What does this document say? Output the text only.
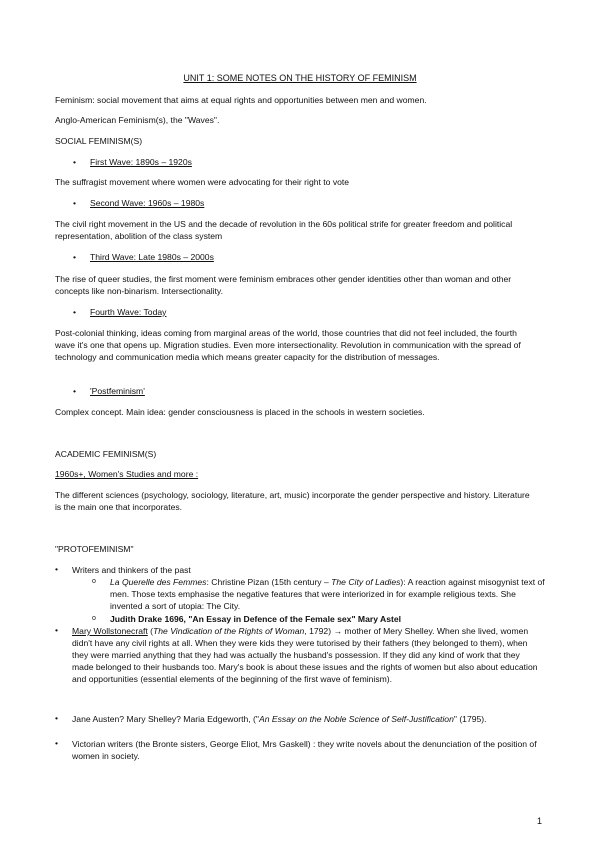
UNIT 1: SOME NOTES ON THE HISTORY OF FEMINISM
Feminism: social movement that aims at equal rights and opportunities between men and women.
Anglo-American Feminism(s), the "Waves".
SOCIAL FEMINISM(S)
• First Wave: 1890s – 1920s
The suffragist movement where women were advocating for their right to vote
• Second Wave: 1960s – 1980s
The civil right movement in the US and the decade of revolution in the 60s political strife for greater freedom and political representation, abolition of the class system
• Third Wave: Late 1980s – 2000s
The rise of queer studies, the first moment were feminism embraces other gender identities other than woman and other concepts like non-binarism. Intersectionality.
• Fourth Wave: Today
Post-colonial thinking, ideas coming from marginal areas of the world, those countries that did not feel included, the fourth wave it's one that opens up. Migration studies. Even more intersectionality. Revolution in communication with the spread of technology and communication media which means greater capacity for the distribution of messages.
• 'Postfeminism'
Complex concept. Main idea: gender consciousness is placed in the schools in western societies.
ACADEMIC FEMINISM(S)
1960s+, Women's Studies and more :
The different sciences (psychology, sociology, literature, art, music) incorporate the gender perspective and history. Literature is the main one that incorporates.
"PROTOFEMINISM"
• Writers and thinkers of the past
o La Querelle des Femmes: Christine Pizan (15th century – The City of Ladies): A reaction against misogynist text of men. Those texts emphasise the negative features that were interiorized in for example religious texts. She invented a sort of utopia: The City.
o Judith Drake 1696, "An Essay in Defence of the Female sex" Mary Astel
• Mary Wollstonecraft (The Vindication of the Rights of Woman, 1792) → mother of Mery Shelley. When she lived, women didn't have any civil rights at all. When they were kids they were tutorised by their fathers (they belonged to them), when they were married anything that they had was actually the husband's possession. If they did any kind of work that they made belonged to their husbands too. Mary's book is about these issues and the rights of women but also about education and opportunities (essential elements of the beginning of the first wave of feminism).
• Jane Austen? Mary Shelley? Maria Edgeworth, ("An Essay on the Noble Science of Self-Justification" (1795).
• Victorian writers (the Bronte sisters, George Eliot, Mrs Gaskell) : they write novels about the denunciation of the position of women in society.
1
